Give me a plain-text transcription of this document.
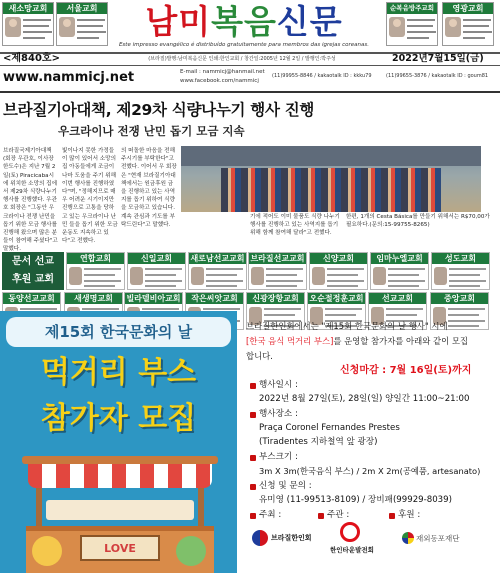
새소망교회	서울교회	남미복음신문
Este impresso evangélico é distribuído gratuitamente para membros das igrejas coreanas.
순복음방주교회	영광교회
<제840호>	(브라질)발행:남미복음신문 인쇄:한인교회 / 창간일:2005년 12월 2일 / 발행인:박주성	2022년7월15일(금)
www.nammicj.net	E-mail : nammicj@hanmail.net
www.facebook.com/nammicj
(11)99955-8846 / kakaotalk ID : kkku79	(11)99655-3876 / kakaotalk ID : goum81
브라질기아대책, 제29차 식량나누기 행사 진행
우크라이나 전쟁 난민 돕기 모금 지속
브라질국제기아대책(회장 우관호, 이사장 한도수)은 지난 7월 2일(토) Piracicaba시에 위치한 소망의 집에서 제29차 식량나누기 행사를 진행했다. 우관호 회장은 "그동안 우크라이나 전쟁 난민을 돕기 위한 모금 행사를 진행해 왔으며 많은 분들이 참여해 주셨다"고 말했다.
빛이나지 못한 가정들이 많이 있어서 소망의 집 아동들에게 조금이나마 도움을 주기 위해 이번 행사를 진행하였다"며, "정해지므로 매우 어려운 시기이지만 진행으로 고통을 당하고 있는 우크라이나 난민 들을 돕기 위한 모금 운동도 지속하고 있다"고 전했다.
의 떠돌한 마음을 전해 주시기를 부탁한다"고 전했다. 이어서 우 회장은 "현재 브라질기아대책에서는 원금후원 금을 진행하고 있는 사역지를 돕기 위하여 식량을 모금하고 있습니다. 계속 관심과 기도를 부탁드린다"고 말했다.
기에 적어도 이미 물품도 식량 나누기 행사를 진행하고 있는 사역지를 돕기 위해 함께 참여해 달라"고 전했다.
한편, 1개의 Cesta Básica를 만들기 위해서는 R$70,00가 필요하다.(문의:15-99755-8265)
문서 선교
후원 교회
연합교회	신일교회	새로남선교교회 브라질선교교회	신양교회	임마누엘교회	성도교회
동양선교교회	새생명교회	빌라델비아교회	작은씨앗교회	신광장항교회	오순절정훈교회	선교교회	중앙교회
제15회 한국문화의 날
먹거리 부스
참가자 모집
LOVE
브라질한인회에서는 "제15회 한국문화의 날 행사" 시에
[한국 음식 먹거리 부스]를 운영할 참가자를 아래와 같이 모집
합니다.
신청마감 : 7월 16일(토)까지
행사일시 :
2022년 8월 27일(토), 28일(일) 양일간 11:00~21:00
행사장소 :
Praça Coronel Fernandes Prestes
(Tiradentes 지하철역 앞 광장)
부스크기 :
3m X 3m(한국음식 부스) / 2m X 2m(공예품, artesanato)
신청 및 문의 :
유미영 (11-99513-8109) / 장비패(99929-8039)
주최 :	주관 :	후원 :
브라질한인회
한인타운발전회
재외동포재단
